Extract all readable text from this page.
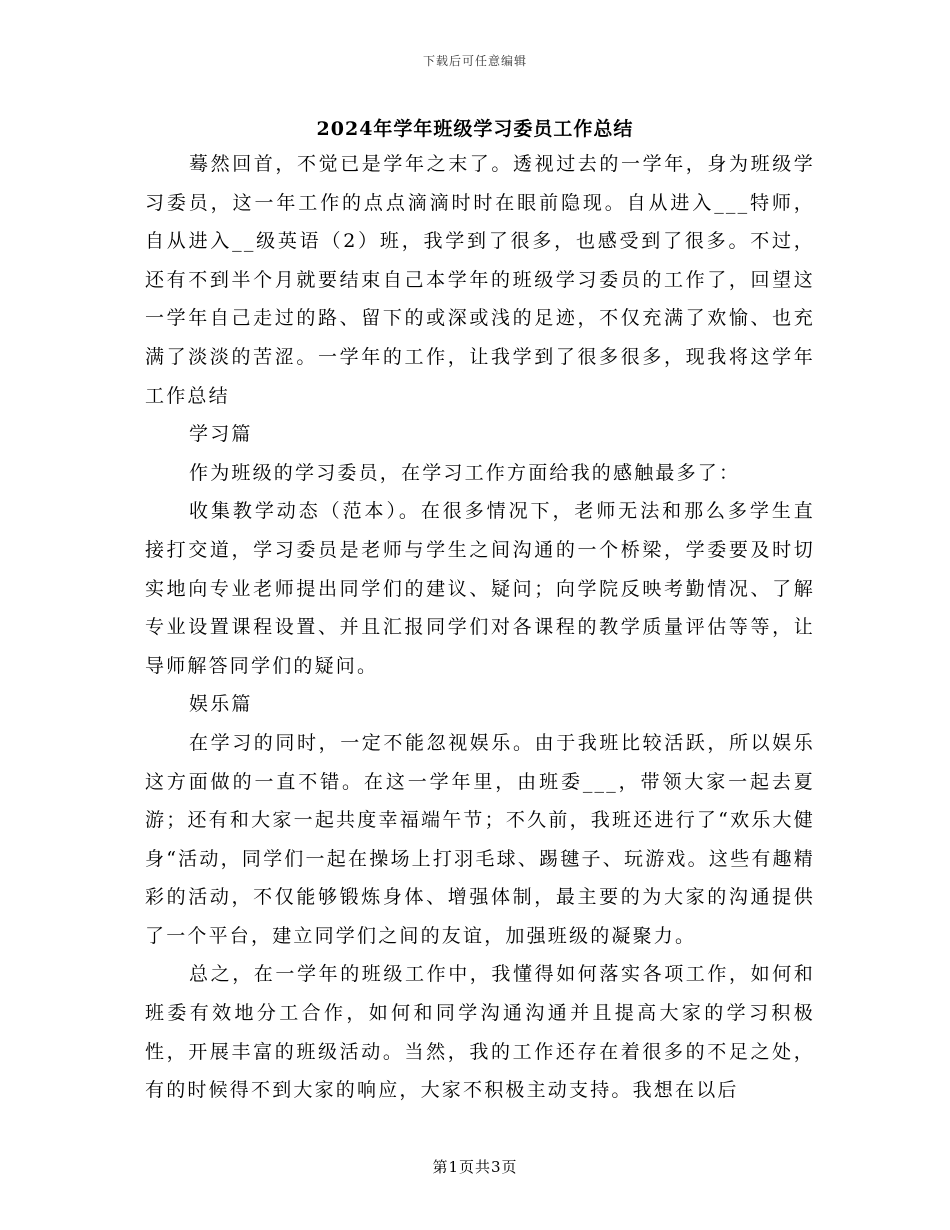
下载后可任意编辑
2024年学年班级学习委员工作总结

蓦然回首，不觉已是学年之末了。透视过去的一学年，身为班级学习委员，这一年工作的点点滴滴时时在眼前隐现。自从进入___特师，自从进入__级英语（2）班，我学到了很多，也感受到了很多。不过，还有不到半个月就要结束自己本学年的班级学习委员的工作了，回望这一学年自己走过的路、留下的或深或浅的足迹，不仅充满了欢愉、也充满了淡淡的苦涩。一学年的工作，让我学到了很多很多，现我将这学年工作总结

学习篇

作为班级的学习委员，在学习工作方面给我的感触最多了：

收集教学动态（范本）。在很多情况下，老师无法和那么多学生直接打交道，学习委员是老师与学生之间沟通的一个桥梁，学委要及时切实地向专业老师提出同学们的建议、疑问；向学院反映考勤情况、了解专业设置课程设置、并且汇报同学们对各课程的教学质量评估等等，让导师解答同学们的疑问。

娱乐篇

在学习的同时，一定不能忽视娱乐。由于我班比较活跃，所以娱乐这方面做的一直不错。在这一学年里，由班委___，带领大家一起去夏游；还有和大家一起共度幸福端午节；不久前，我班还进行了“欢乐大健身“活动，同学们一起在操场上打羽毛球、踢毽子、玩游戏。这些有趣精彩的活动，不仅能够锻炼身体、增强体制，最主要的为大家的沟通提供了一个平台，建立同学们之间的友谊，加强班级的凝聚力。

总之，在一学年的班级工作中，我懂得如何落实各项工作，如何和班委有效地分工合作，如何和同学沟通沟通并且提高大家的学习积极性，开展丰富的班级活动。当然，我的工作还存在着很多的不足之处，有的时候得不到大家的响应，大家不积极主动支持。我想在以后

第1页共3页
